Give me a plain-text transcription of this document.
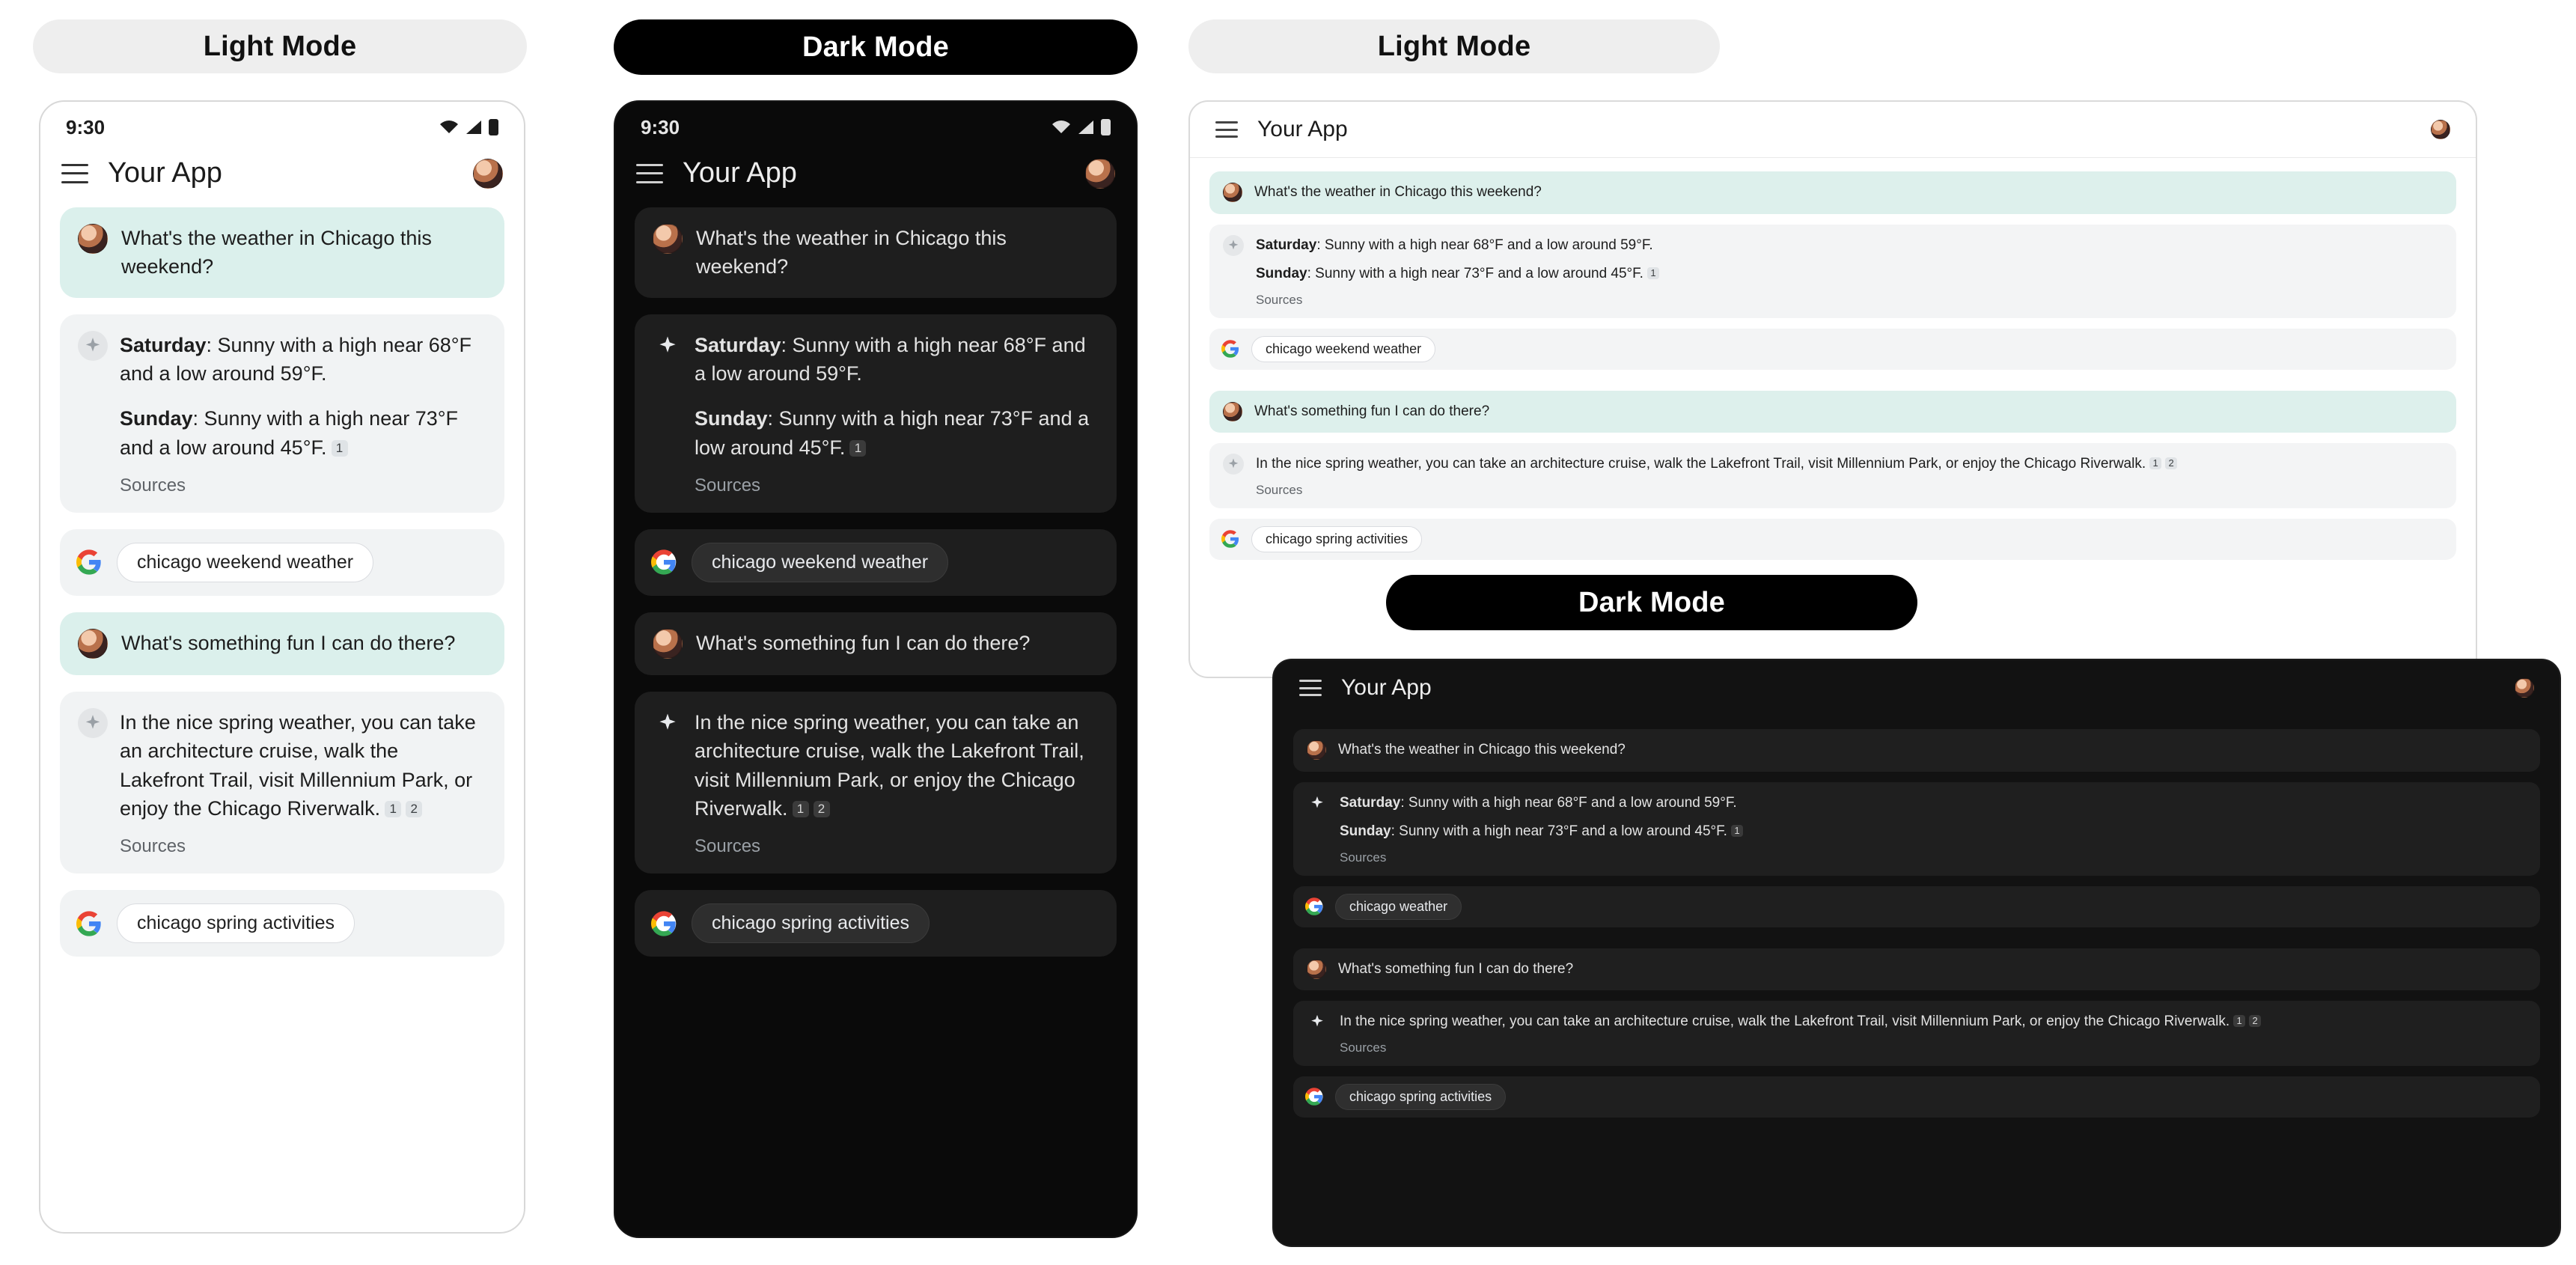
Light Mode	Dark Mode	Light Mode
Dark Mode
9:30
Your App
What's the weather in Chicago this weekend?

Saturday: Sunny with a high near 68°F and a low around 59°F.

Sunday: Sunny with a high near 73°F and a low around 45°F. 1

Sources
chicago weekend weather
What's something fun I can do there?

In the nice spring weather, you can take an architecture cruise, walk the Lakefront Trail, visit Millennium Park, or enjoy the Chicago Riverwalk. 1 2

Sources
chicago spring activities
9:30
Your App
What's the weather in Chicago this weekend?

Saturday: Sunny with a high near 68°F and a low around 59°F.

Sunday: Sunny with a high near 73°F and a low around 45°F. 1

Sources
chicago weekend weather
What's something fun I can do there?

In the nice spring weather, you can take an architecture cruise, walk the Lakefront Trail, visit Millennium Park, or enjoy the Chicago Riverwalk. 1 2

Sources
chicago spring activities
Your App
What's the weather in Chicago this weekend?

Saturday: Sunny with a high near 68°F and a low around 59°F.

Sunday: Sunny with a high near 73°F and a low around 45°F. 1

Sources
chicago weekend weather
What's something fun I can do there?

In the nice spring weather, you can take an architecture cruise, walk the Lakefront Trail, visit Millennium Park, or enjoy the Chicago Riverwalk. 1 2

Sources
chicago spring activities
Your App
What's the weather in Chicago this weekend?

Saturday: Sunny with a high near 68°F and a low around 59°F.

Sunday: Sunny with a high near 73°F and a low around 45°F. 1

Sources
chicago weather
What's something fun I can do there?

In the nice spring weather, you can take an architecture cruise, walk the Lakefront Trail, visit Millennium Park, or enjoy the Chicago Riverwalk. 1 2

Sources
chicago spring activities
